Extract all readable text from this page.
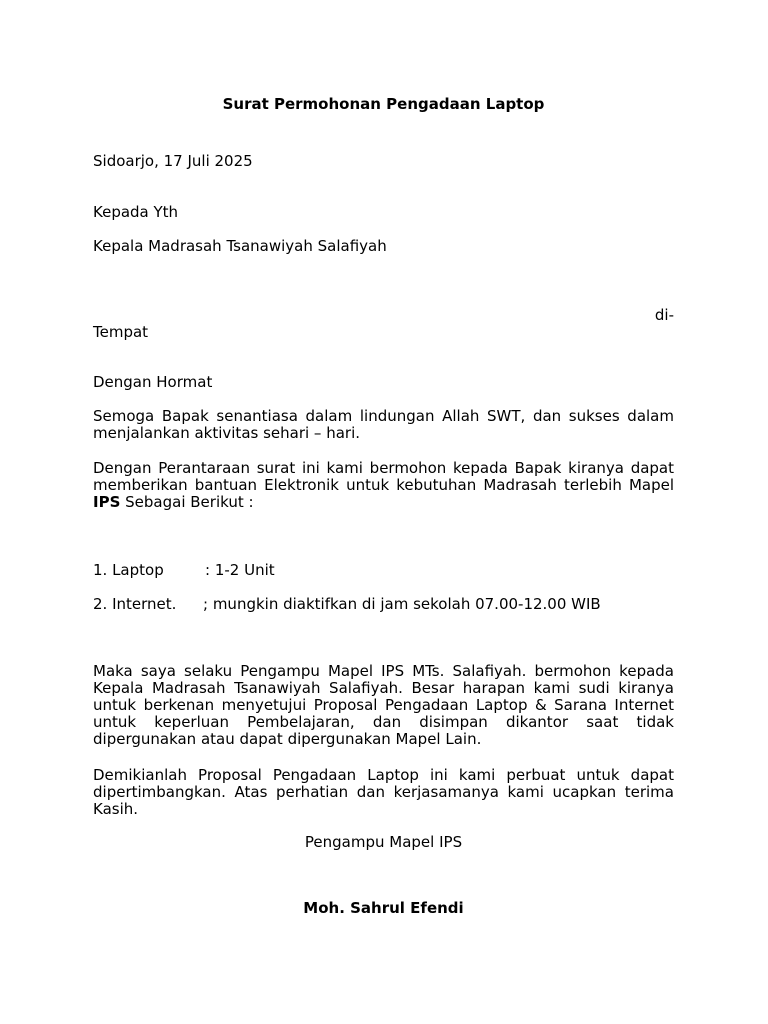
Surat Permohonan Pengadaan Laptop
Sidoarjo, 17 Juli 2025
Kepada Yth
Kepala Madrasah Tsanawiyah Salafiyah
di-
Tempat
Dengan Hormat
Semoga Bapak senantiasa dalam lindungan Allah SWT, dan sukses dalam menjalankan aktivitas sehari – hari.
Dengan Perantaraan surat ini kami bermohon kepada Bapak kiranya dapat memberikan bantuan Elektronik untuk kebutuhan Madrasah terlebih Mapel IPS Sebagai Berikut :
1. Laptop	: 1-2 Unit
2. Internet. ; mungkin diaktifkan di jam sekolah 07.00-12.00 WIB
Maka saya selaku Pengampu Mapel IPS MTs. Salafiyah. bermohon kepada Kepala Madrasah Tsanawiyah Salafiyah. Besar harapan kami sudi kiranya untuk berkenan menyetujui Proposal Pengadaan Laptop & Sarana Internet untuk keperluan Pembelajaran, dan disimpan dikantor saat tidak dipergunakan atau dapat dipergunakan Mapel Lain.
Demikianlah Proposal Pengadaan Laptop ini kami perbuat untuk dapat dipertimbangkan. Atas perhatian dan kerjasamanya kami ucapkan terima Kasih.
Pengampu Mapel IPS
Moh. Sahrul Efendi
